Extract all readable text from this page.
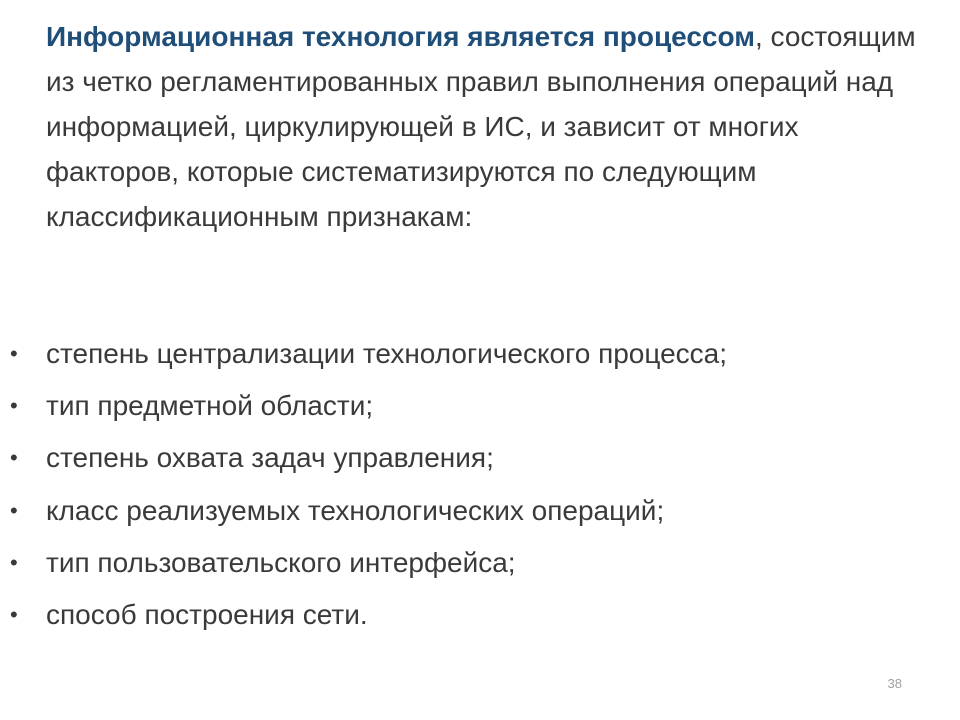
Информационная технология является процессом, состоящим из четко регламентированных правил выполнения операций над информацией, циркулирующей в ИС, и зависит от многих факторов, которые систематизируются по следующим классификационным признакам:

• степень централизации технологического процесса;
• тип предметной области;
• степень охвата задач управления;
• класс реализуемых технологических операций;
• тип пользовательского интерфейса;
• способ построения сети.
38
